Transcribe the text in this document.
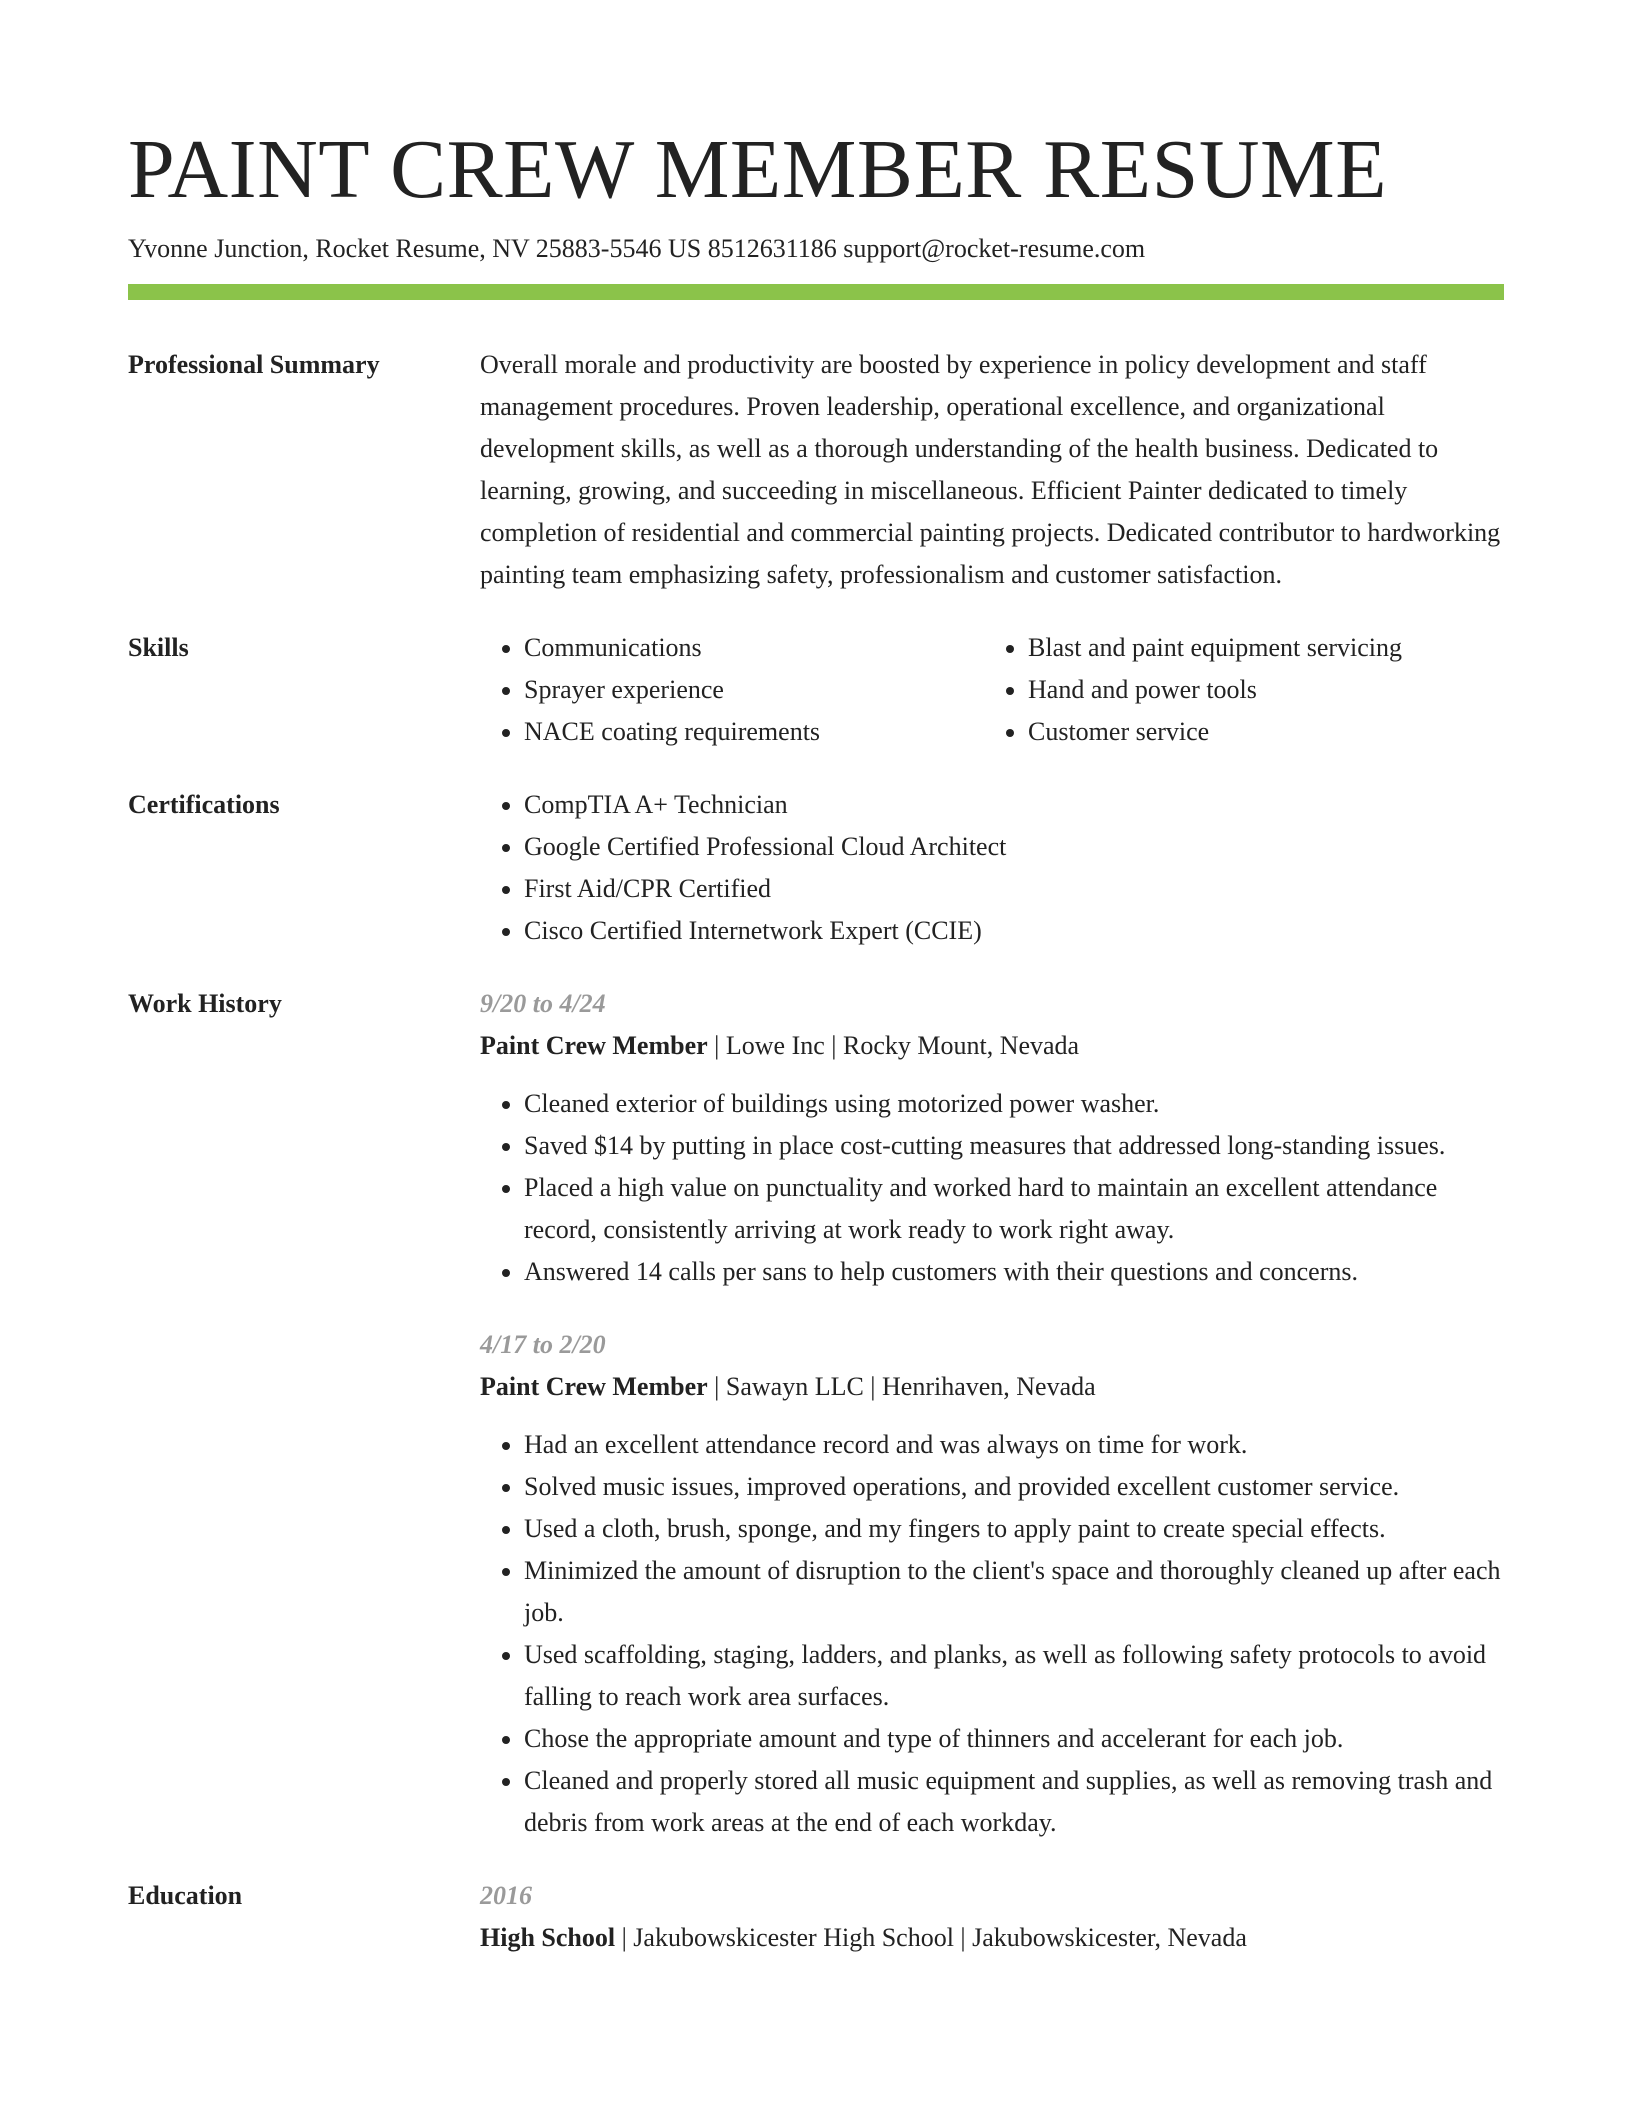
PAINT CREW MEMBER RESUME
Yvonne Junction, Rocket Resume, NV 25883-5546 US 8512631186 support@rocket-resume.com
Professional Summary	Overall morale and productivity are boosted by experience in policy development and staff management procedures. Proven leadership, operational excellence, and organizational development skills, as well as a thorough understanding of the health business. Dedicated to learning, growing, and succeeding in miscellaneous. Efficient Painter dedicated to timely completion of residential and commercial painting projects. Dedicated contributor to hardworking painting team emphasizing safety, professionalism and customer satisfaction.

Skills	• Communications
• Sprayer experience
• NACE coating requirements
• Blast and paint equipment servicing
• Hand and power tools
• Customer service
Certifications	• CompTIA A+ Technician
• Google Certified Professional Cloud Architect
• First Aid/CPR Certified
• Cisco Certified Internetwork Expert (CCIE)
Work History	9/20 to 4/24
Paint Crew Member | Lowe Inc | Rocky Mount, Nevada
• Cleaned exterior of buildings using motorized power washer.
• Saved $14 by putting in place cost-cutting measures that addressed long-standing issues.
• Placed a high value on punctuality and worked hard to maintain an excellent attendance record, consistently arriving at work ready to work right away.
• Answered 14 calls per sans to help customers with their questions and concerns.
4/17 to 2/20
Paint Crew Member | Sawayn LLC | Henrihaven, Nevada
• Had an excellent attendance record and was always on time for work.
• Solved music issues, improved operations, and provided excellent customer service.
• Used a cloth, brush, sponge, and my fingers to apply paint to create special effects.
• Minimized the amount of disruption to the client's space and thoroughly cleaned up after each job.
• Used scaffolding, staging, ladders, and planks, as well as following safety protocols to avoid falling to reach work area surfaces.
• Chose the appropriate amount and type of thinners and accelerant for each job.
• Cleaned and properly stored all music equipment and supplies, as well as removing trash and debris from work areas at the end of each workday.
Education	2016
High School | Jakubowskicester High School | Jakubowskicester, Nevada
